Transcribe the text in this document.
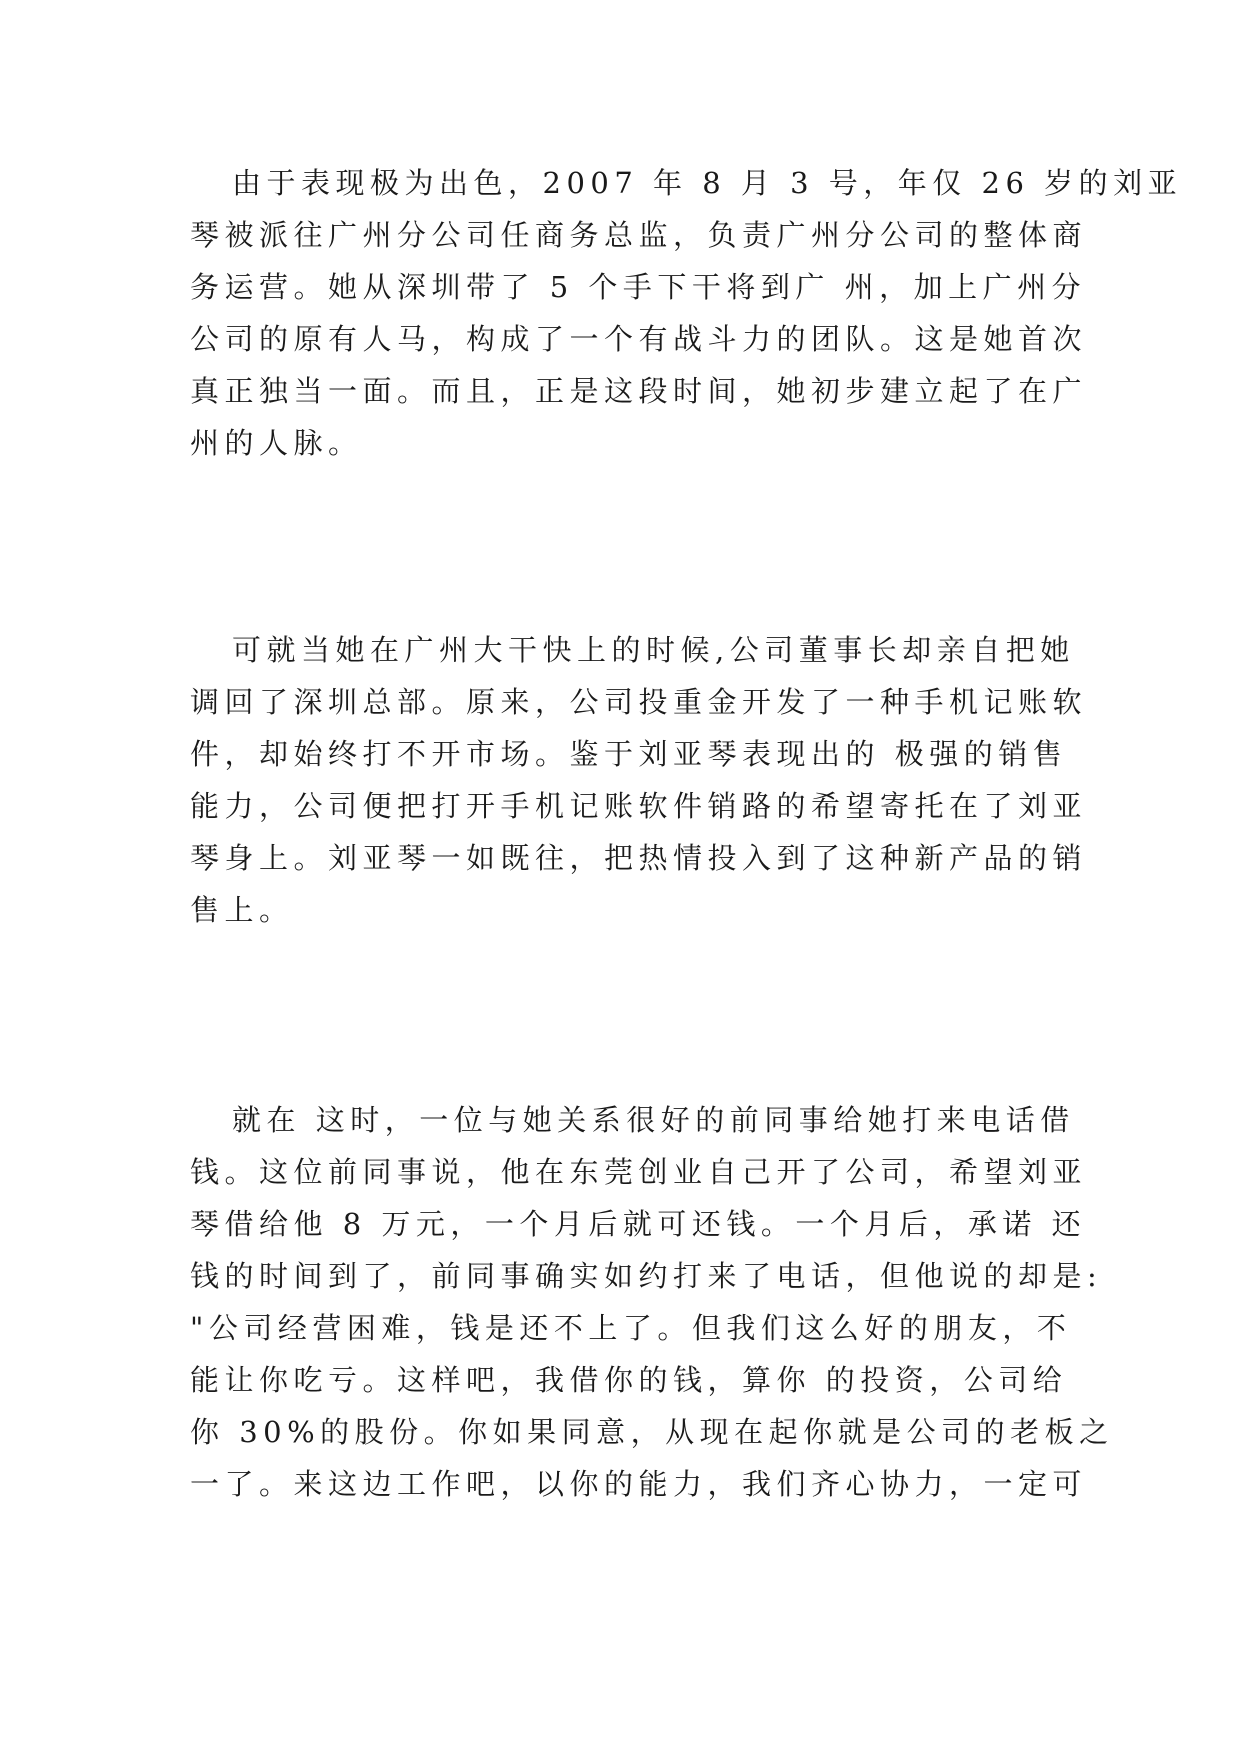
由于表现极为出色，2007 年 8 月 3 号，年仅 26 岁的刘亚
琴被派往广州分公司任商务总监，负责广州分公司的整体商
务运营。她从深圳带了 5 个手下干将到广 州，加上广州分
公司的原有人马，构成了一个有战斗力的团队。这是她首次
真正独当一面。而且，正是这段时间，她初步建立起了在广
州的人脉。
可就当她在广州大干快上的时候,公司董事长却亲自把她
调回了深圳总部。原来，公司投重金开发了一种手机记账软
件，却始终打不开市场。鉴于刘亚琴表现出的 极强的销售
能力，公司便把打开手机记账软件销路的希望寄托在了刘亚
琴身上。刘亚琴一如既往，把热情投入到了这种新产品的销
售上。
就在 这时，一位与她关系很好的前同事给她打来电话借
钱。这位前同事说，他在东莞创业自己开了公司，希望刘亚
琴借给他 8 万元，一个月后就可还钱。一个月后，承诺 还
钱的时间到了，前同事确实如约打来了电话，但他说的却是:
"公司经营困难，钱是还不上了。但我们这么好的朋友，不
能让你吃亏。这样吧，我借你的钱，算你 的投资，公司给
你 30%的股份。你如果同意，从现在起你就是公司的老板之
一了。来这边工作吧，以你的能力，我们齐心协力，一定可
